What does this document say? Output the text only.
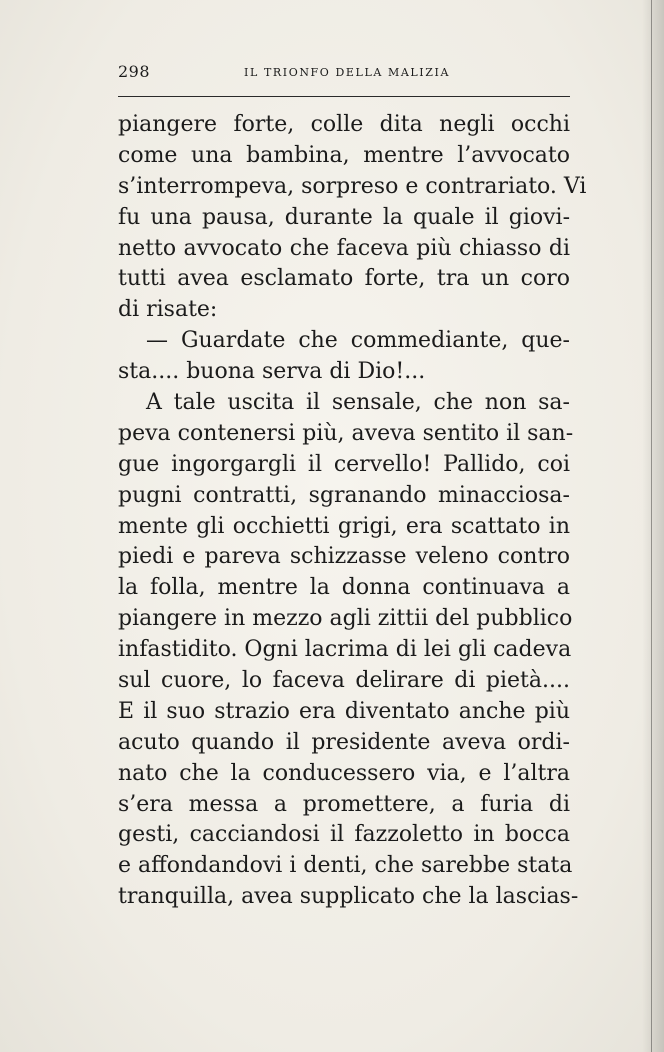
298	IL TRIONFO DELLA MALIZIA
piangere forte, colle dita negli occhi
come una bambina, mentre l’avvocato
s’interrompeva, sorpreso e contrariato. Vi
fu una pausa, durante la quale il giovi-
netto avvocato che faceva più chiasso di
tutti avea esclamato forte, tra un coro
di risate:
— Guardate che commediante, que-
sta.... buona serva di Dio!...
A tale uscita il sensale, che non sa-
peva contenersi più, aveva sentito il san-
gue ingorgargli il cervello! Pallido, coi
pugni contratti, sgranando minacciosa-
mente gli occhietti grigi, era scattato in
piedi e pareva schizzasse veleno contro
la folla, mentre la donna continuava a
piangere in mezzo agli zittii del pubblico
infastidito. Ogni lacrima di lei gli cadeva
sul cuore, lo faceva delirare di pietà....
E il suo strazio era diventato anche più
acuto quando il presidente aveva ordi-
nato che la conducessero via, e l’altra
s’era messa a promettere, a furia di
gesti, cacciandosi il fazzoletto in bocca
e affondandovi i denti, che sarebbe stata
tranquilla, avea supplicato che la lascias-
